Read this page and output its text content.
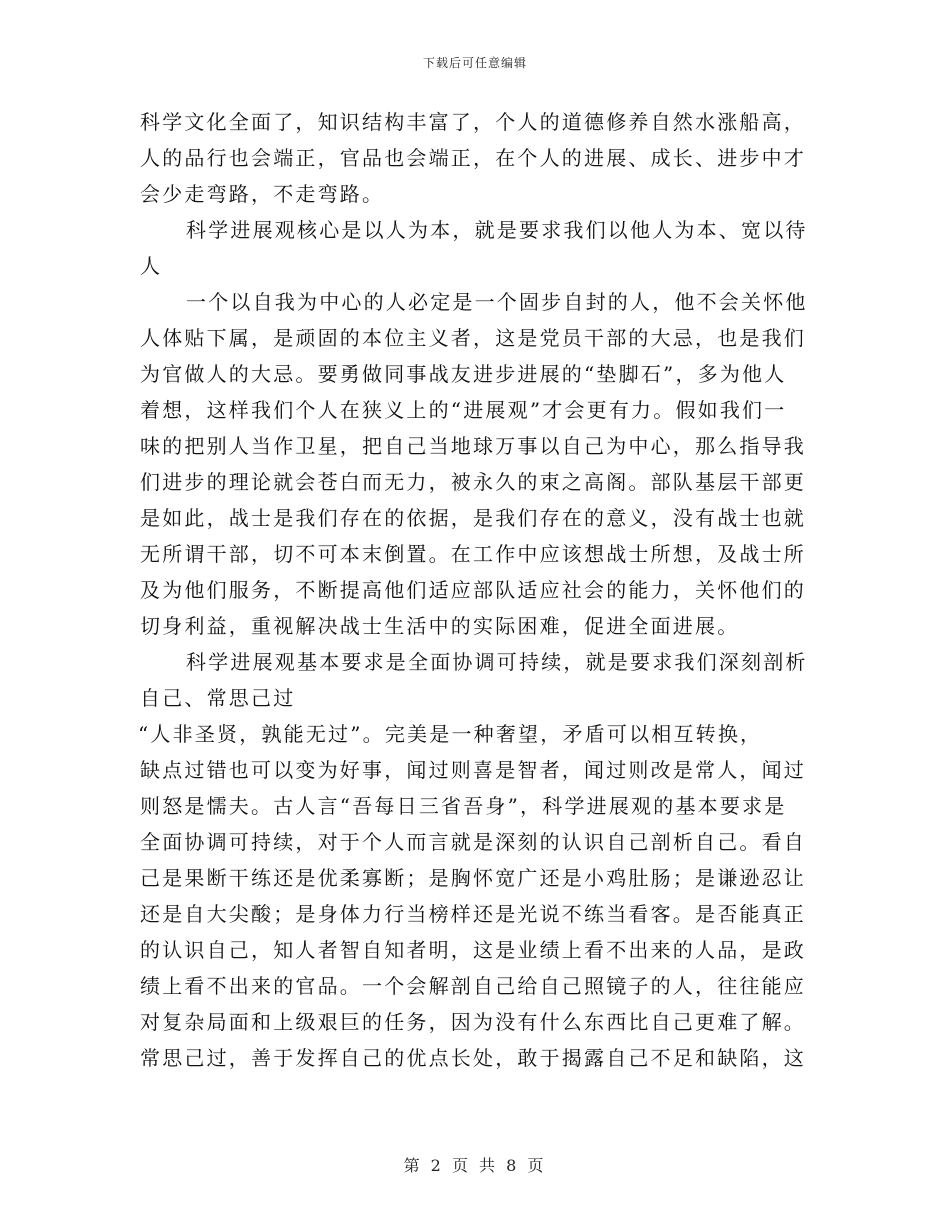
下载后可任意编辑
科学文化全面了，知识结构丰富了，个人的道德修养自然水涨船高，
人的品行也会端正，官品也会端正，在个人的进展、成长、进步中才
会少走弯路，不走弯路。
科学进展观核心是以人为本，就是要求我们以他人为本、宽以待
人
一个以自我为中心的人必定是一个固步自封的人，他不会关怀他
人体贴下属，是顽固的本位主义者，这是党员干部的大忌，也是我们
为官做人的大忌。要勇做同事战友进步进展的“垫脚石”，多为他人
着想，这样我们个人在狭义上的“进展观”才会更有力。假如我们一
味的把别人当作卫星，把自己当地球万事以自己为中心，那么指导我
们进步的理论就会苍白而无力，被永久的束之高阁。部队基层干部更
是如此，战士是我们存在的依据，是我们存在的意义，没有战士也就
无所谓干部，切不可本末倒置。在工作中应该想战士所想，及战士所
及为他们服务，不断提高他们适应部队适应社会的能力，关怀他们的
切身利益，重视解决战士生活中的实际困难，促进全面进展。
科学进展观基本要求是全面协调可持续，就是要求我们深刻剖析
自己、常思己过
“人非圣贤，孰能无过”。完美是一种奢望，矛盾可以相互转换，
缺点过错也可以变为好事，闻过则喜是智者，闻过则改是常人，闻过
则怒是懦夫。古人言“吾每日三省吾身”，科学进展观的基本要求是
全面协调可持续，对于个人而言就是深刻的认识自己剖析自己。看自
己是果断干练还是优柔寡断；是胸怀宽广还是小鸡肚肠；是谦逊忍让
还是自大尖酸；是身体力行当榜样还是光说不练当看客。是否能真正
的认识自己，知人者智自知者明，这是业绩上看不出来的人品，是政
绩上看不出来的官品。一个会解剖自己给自己照镜子的人，往往能应
对复杂局面和上级艰巨的任务，因为没有什么东西比自己更难了解。
常思己过，善于发挥自己的优点长处，敢于揭露自己不足和缺陷，这
第 2 页 共 8 页
